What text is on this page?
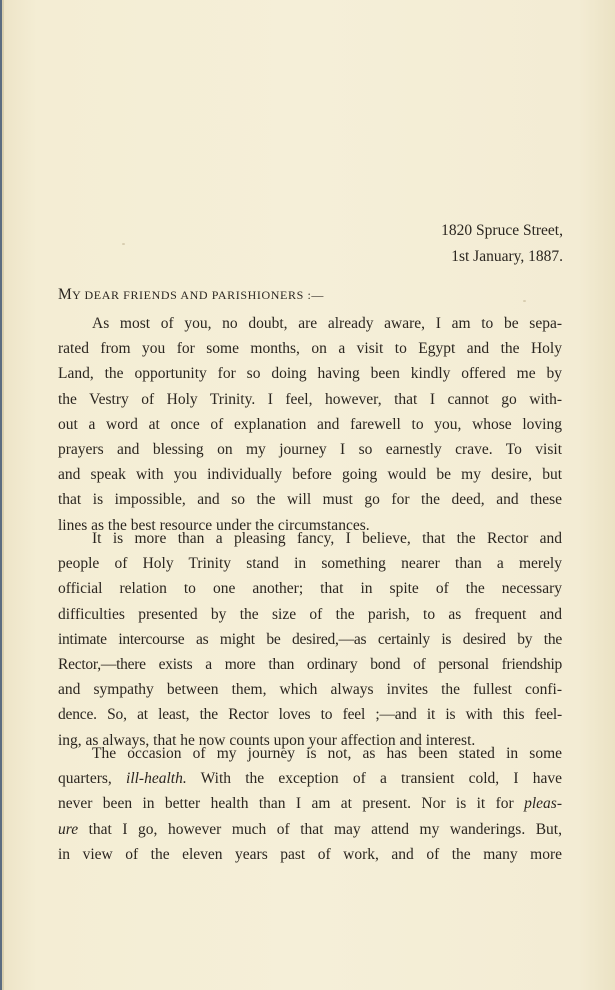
1820 Spruce Street,
1st January, 1887.
MY DEAR FRIENDS AND PARISHIONERS :—
As most of you, no doubt, are already aware, I am to be sepa-
rated from you for some months, on a visit to Egypt and the Holy
Land, the opportunity for so doing having been kindly offered me by
the Vestry of Holy Trinity. I feel, however, that I cannot go with-
out a word at once of explanation and farewell to you, whose loving
prayers and blessing on my journey I so earnestly crave. To visit
and speak with you individually before going would be my desire, but
that is impossible, and so the will must go for the deed, and these
lines as the best resource under the circumstances.
It is more than a pleasing fancy, I believe, that the Rector and
people of Holy Trinity stand in something nearer than a merely
official relation to one another; that in spite of the necessary
difficulties presented by the size of the parish, to as frequent and
intimate intercourse as might be desired,—as certainly is desired by the
Rector,—there exists a more than ordinary bond of personal friendship
and sympathy between them, which always invites the fullest confi-
dence. So, at least, the Rector loves to feel ;—and it is with this feel-
ing, as always, that he now counts upon your affection and interest.
The occasion of my journey is not, as has been stated in some
quarters, ill-health. With the exception of a transient cold, I have
never been in better health than I am at present. Nor is it for pleas-
ure that I go, however much of that may attend my wanderings. But,
in view of the eleven years past of work, and of the many more
